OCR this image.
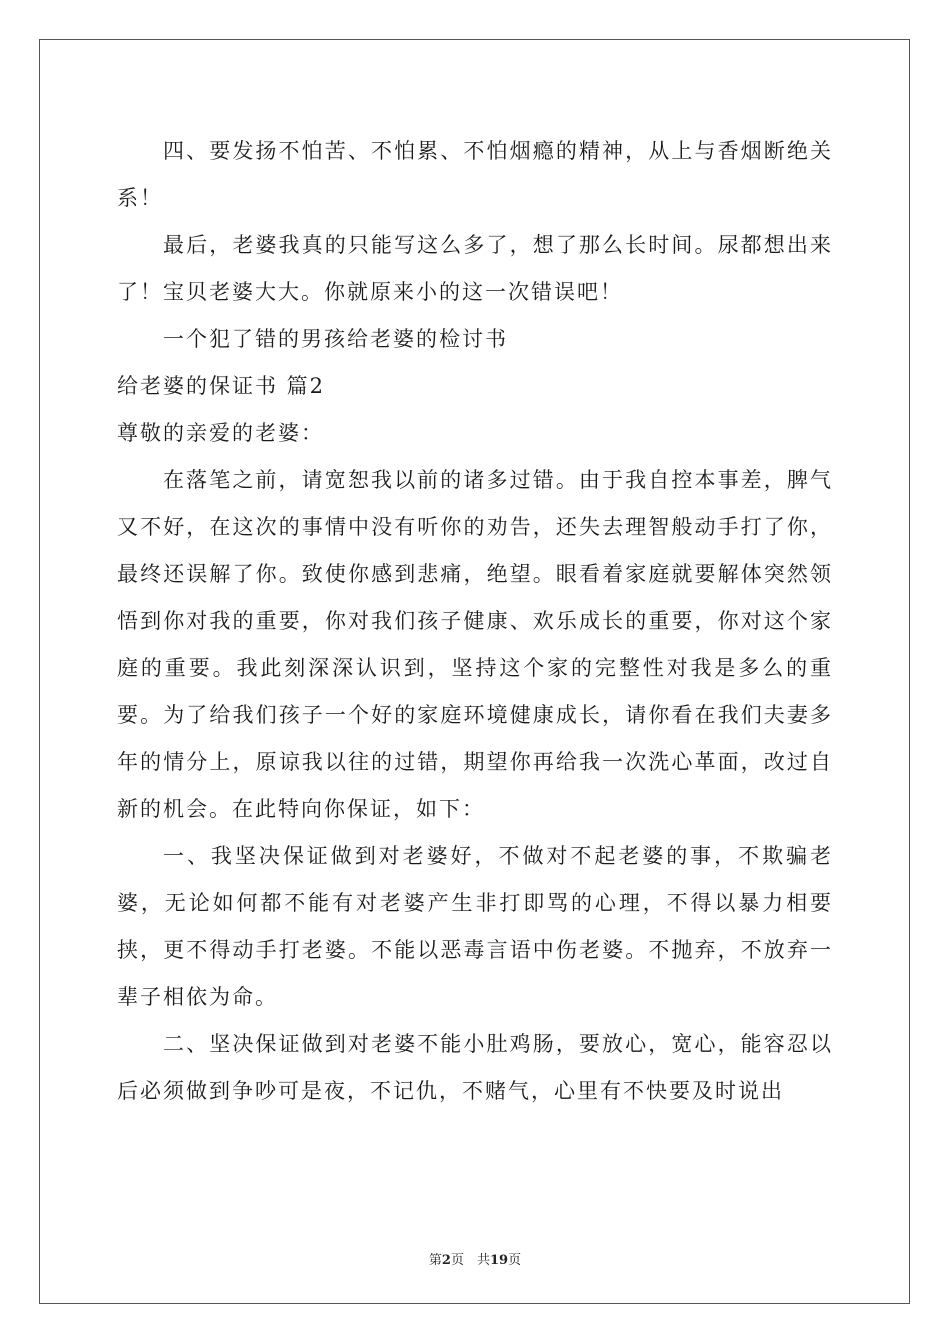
四、要发扬不怕苦、不怕累、不怕烟瘾的精神，从上与香烟断绝关系！

最后，老婆我真的只能写这么多了，想了那么长时间。尿都想出来了！宝贝老婆大大。你就原来小的这一次错误吧！

一个犯了错的男孩给老婆的检讨书

给老婆的保证书 篇2

尊敬的亲爱的老婆：

在落笔之前，请宽恕我以前的诸多过错。由于我自控本事差，脾气又不好，在这次的事情中没有听你的劝告，还失去理智般动手打了你，最终还误解了你。致使你感到悲痛，绝望。眼看着家庭就要解体突然领悟到你对我的重要，你对我们孩子健康、欢乐成长的重要，你对这个家庭的重要。我此刻深深认识到，坚持这个家的完整性对我是多么的重要。为了给我们孩子一个好的家庭环境健康成长，请你看在我们夫妻多年的情分上，原谅我以往的过错，期望你再给我一次洗心革面，改过自新的机会。在此特向你保证，如下：

一、我坚决保证做到对老婆好，不做对不起老婆的事，不欺骗老婆，无论如何都不能有对老婆产生非打即骂的心理，不得以暴力相要挟，更不得动手打老婆。不能以恶毒言语中伤老婆。不抛弃，不放弃一辈子相依为命。

二、坚决保证做到对老婆不能小肚鸡肠，要放心，宽心，能容忍以后必须做到争吵可是夜，不记仇，不赌气，心里有不快要及时说出

第2页　共19页
